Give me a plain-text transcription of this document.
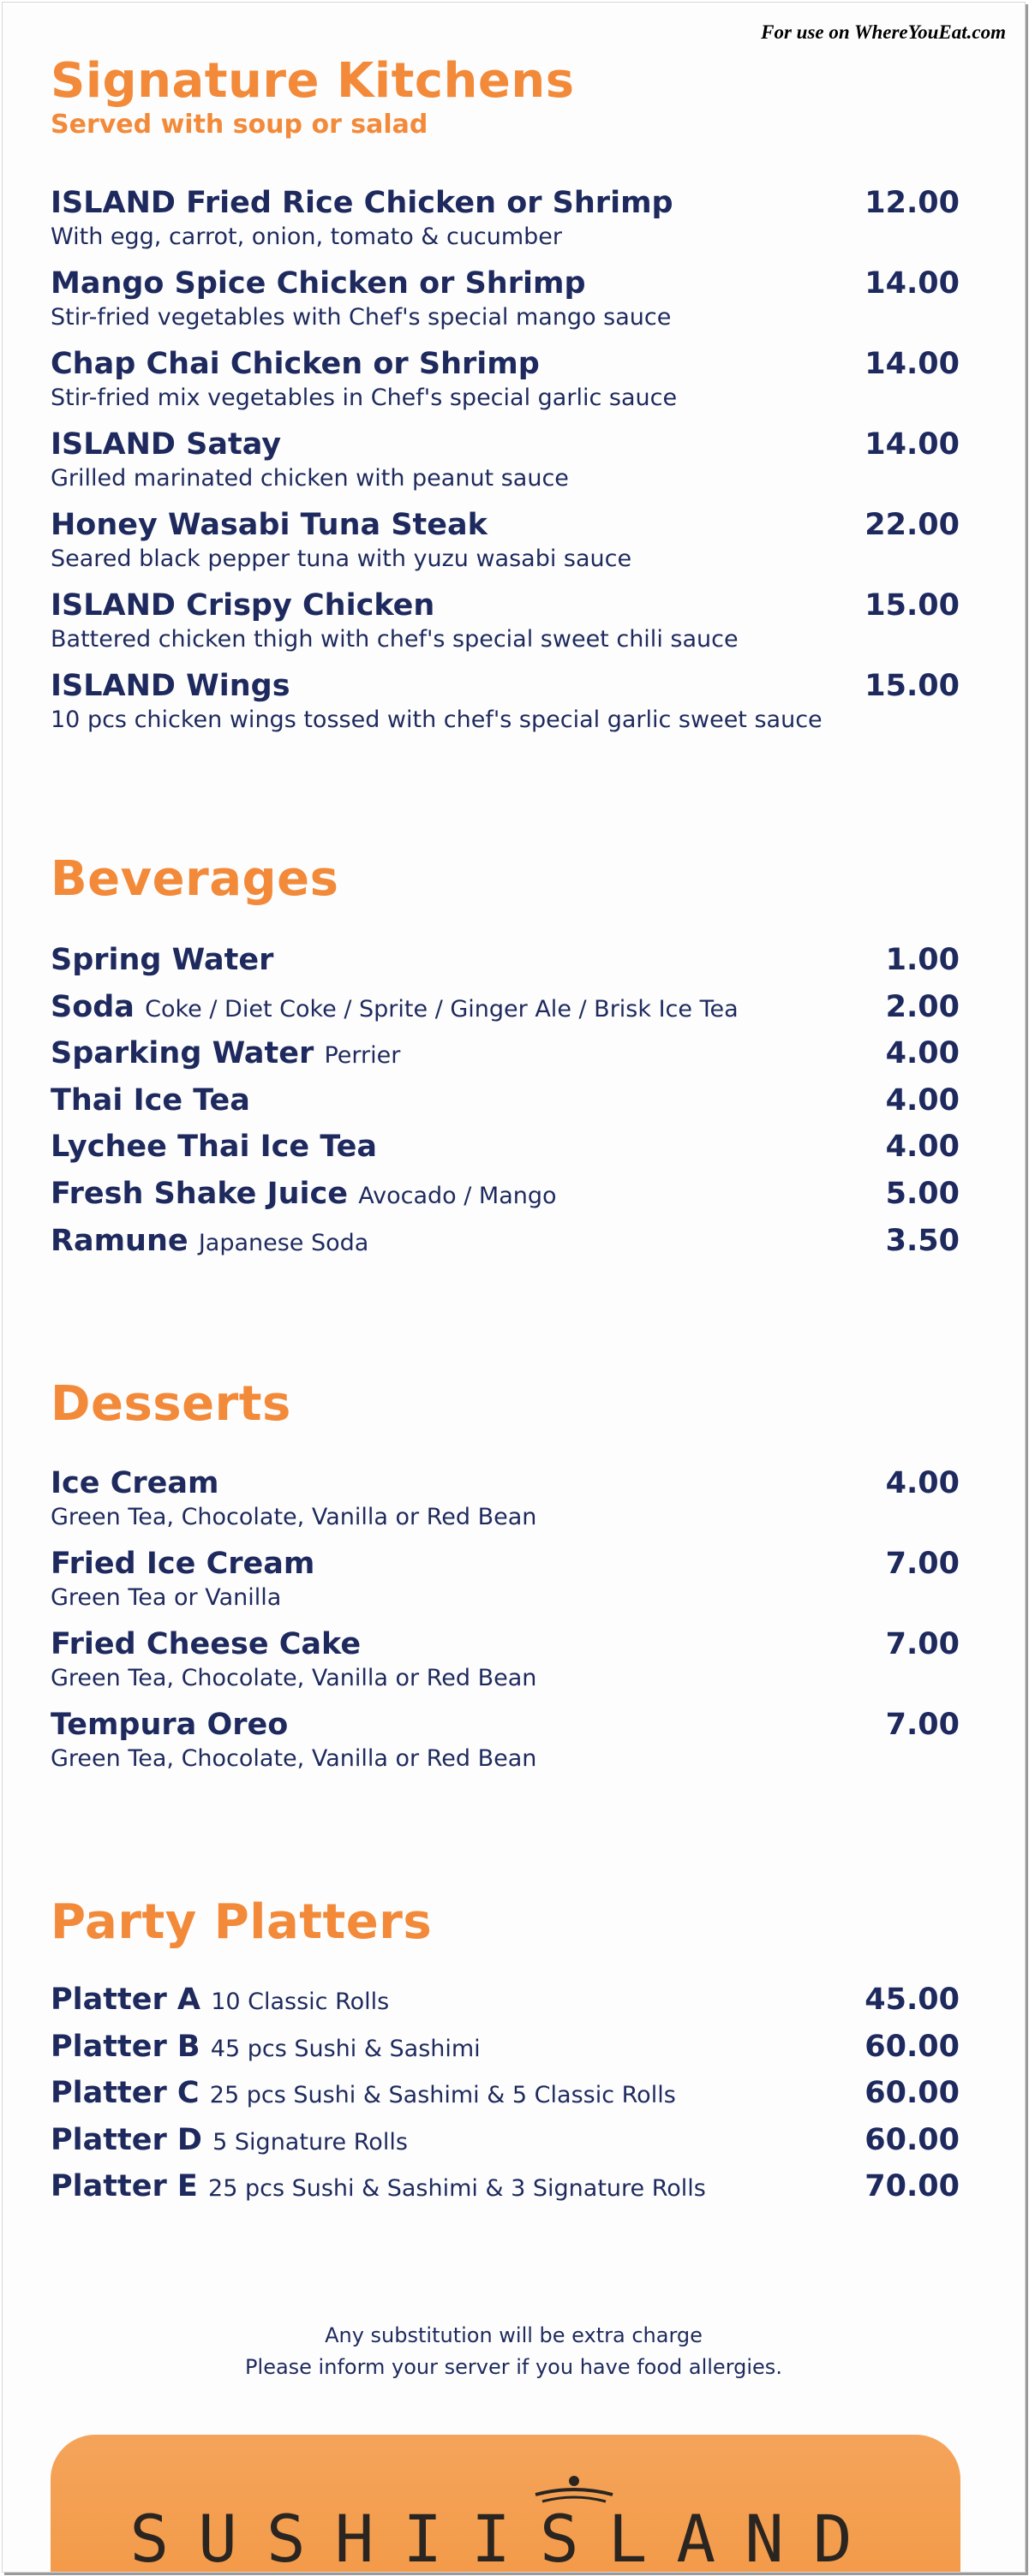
For use on WhereYouEat.com
Signature Kitchens
Served with soup or salad
ISLAND Fried Rice Chicken or Shrimp
With egg, carrot, onion, tomato & cucumber
12.00
Mango Spice Chicken or Shrimp
Stir-fried vegetables with Chef's special mango sauce
14.00
Chap Chai Chicken or Shrimp
Stir-fried mix vegetables in Chef's special garlic sauce
14.00
ISLAND Satay
Grilled marinated chicken with peanut sauce
14.00
Honey Wasabi Tuna Steak
Seared black pepper tuna with yuzu wasabi sauce
22.00
ISLAND Crispy Chicken
Battered chicken thigh with chef's special sweet chili sauce
15.00
ISLAND Wings
10 pcs chicken wings tossed with chef's special garlic sweet sauce
15.00
Beverages
Spring Water	1.00
Soda Coke / Diet Coke / Sprite / Ginger Ale / Brisk Ice Tea	2.00
Sparking Water Perrier	4.00
Thai Ice Tea	4.00
Lychee Thai Ice Tea	4.00
Fresh Shake Juice Avocado / Mango	5.00
Ramune Japanese Soda	3.50
Desserts
Ice Cream
Green Tea, Chocolate, Vanilla or Red Bean
4.00
Fried Ice Cream
Green Tea or Vanilla
7.00
Fried Cheese Cake
Green Tea, Chocolate, Vanilla or Red Bean
7.00
Tempura Oreo
Green Tea, Chocolate, Vanilla or Red Bean
7.00
Party Platters
Platter A 10 Classic Rolls	45.00
Platter B 45 pcs Sushi & Sashimi	60.00
Platter C 25 pcs Sushi & Sashimi & 5 Classic Rolls	60.00
Platter D 5 Signature Rolls	60.00
Platter E 25 pcs Sushi & Sashimi & 3 Signature Rolls	70.00
Any substitution will be extra charge
Please inform your server if you have food allergies.
SUSHIISLAND
